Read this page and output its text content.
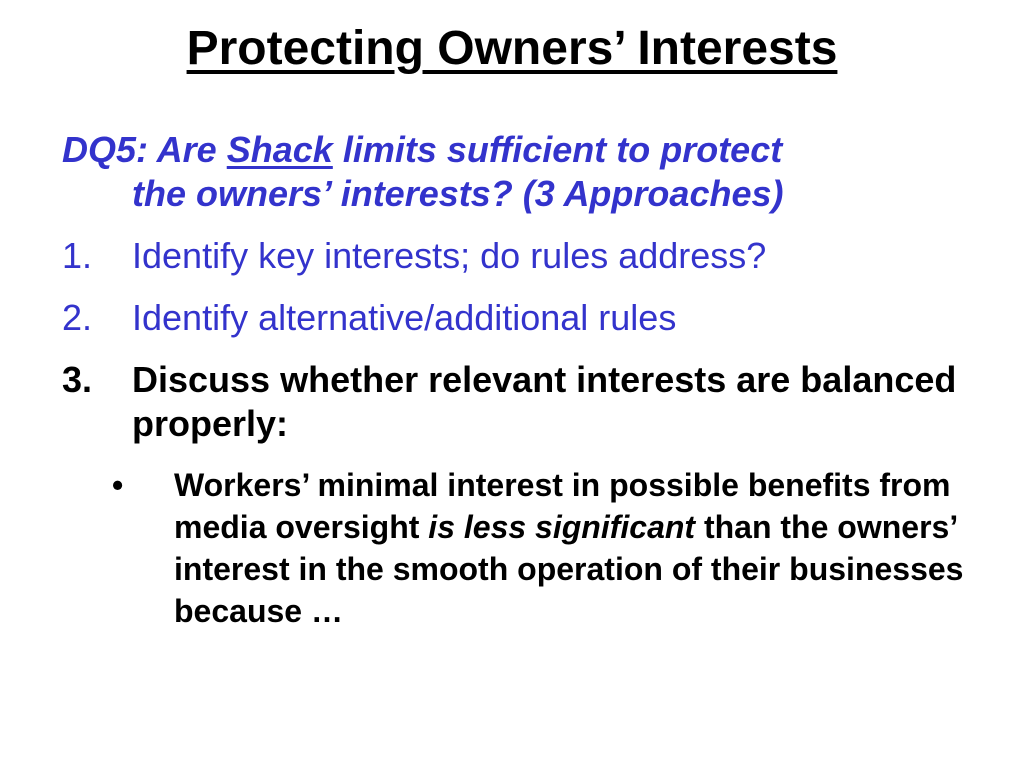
Protecting Owners’ Interests
DQ5: Are Shack limits sufficient to protect
the owners’ interests? (3 Approaches)
1.	Identify key interests; do rules address?
2.	Identify alternative/additional rules
3.	Discuss whether relevant interests are balanced properly:
•	Workers’ minimal interest in possible benefits from media oversight is less significant than the owners’ interest in the smooth operation of their businesses because …
